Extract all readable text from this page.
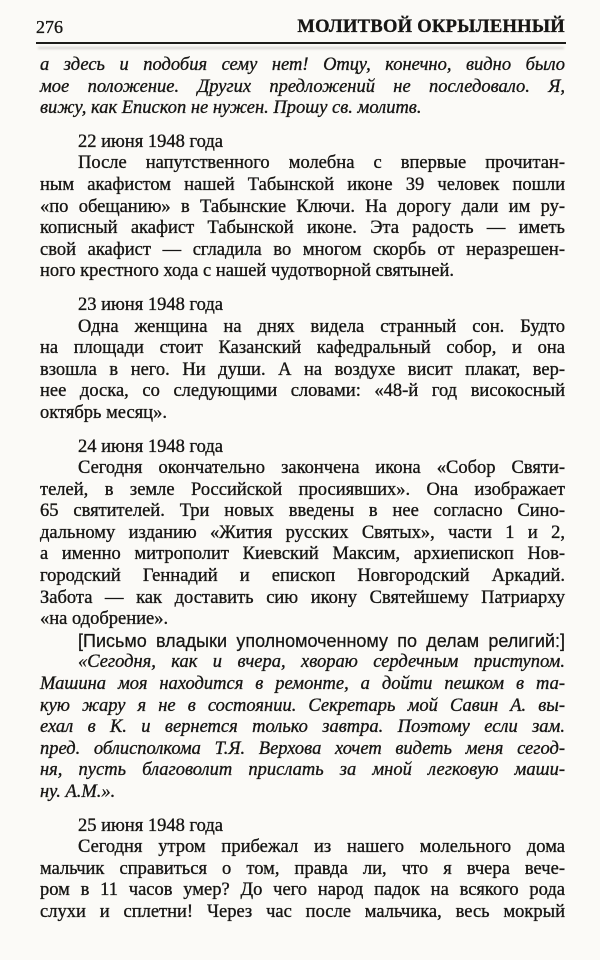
276	МОЛИТВОЙ ОКРЫЛЕННЫЙ
а здесь и подобия сему нет! Отцу, конечно, видно было
мое положение. Других предложений не последовало. Я,
вижу, как Епископ не нужен. Прошу св. молитв.
22 июня 1948 года
После напутственного молебна с впервые прочитан-
ным акафистом нашей Табынской иконе 39 человек пошли
«по обещанию» в Табынские Ключи. На дорогу дали им ру-
кописный акафист Табынской иконе. Эта радость — иметь
свой акафист — сгладила во многом скорбь от неразрешен-
ного крестного хода с нашей чудотворной святыней.
23 июня 1948 года
Одна женщина на днях видела странный сон. Будто
на площади стоит Казанский кафедральный собор, и она
взошла в него. Ни души. А на воздухе висит плакат, вер-
нее доска, со следующими словами: «48-й год високосный
октябрь месяц».
24 июня 1948 года
Сегодня окончательно закончена икона «Собор Святи-
телей, в земле Российской просиявших». Она изображает
65 святителей. Три новых введены в нее согласно Сино-
дальному изданию «Жития русских Святых», части 1 и 2,
а именно митрополит Киевский Максим, архиепископ Нов-
городский Геннадий и епископ Новгородский Аркадий.
Забота — как доставить сию икону Святейшему Патриарху
«на одобрение».
[Письмо владыки уполномоченному по делам религий:]
«Сегодня, как и вчера, хвораю сердечным приступом.
Машина моя находится в ремонте, а дойти пешком в та-
кую жару я не в состоянии. Секретарь мой Савин А. вы-
ехал в К. и вернется только завтра. Поэтому если зам.
пред. облисполкома Т.Я. Верхова хочет видеть меня сегод-
ня, пусть благоволит прислать за мной легковую маши-
ну. А.М.».
25 июня 1948 года
Сегодня утром прибежал из нашего молельного дома
мальчик справиться о том, правда ли, что я вчера вече-
ром в 11 часов умер? До чего народ падок на всякого рода
слухи и сплетни! Через час после мальчика, весь мокрый
